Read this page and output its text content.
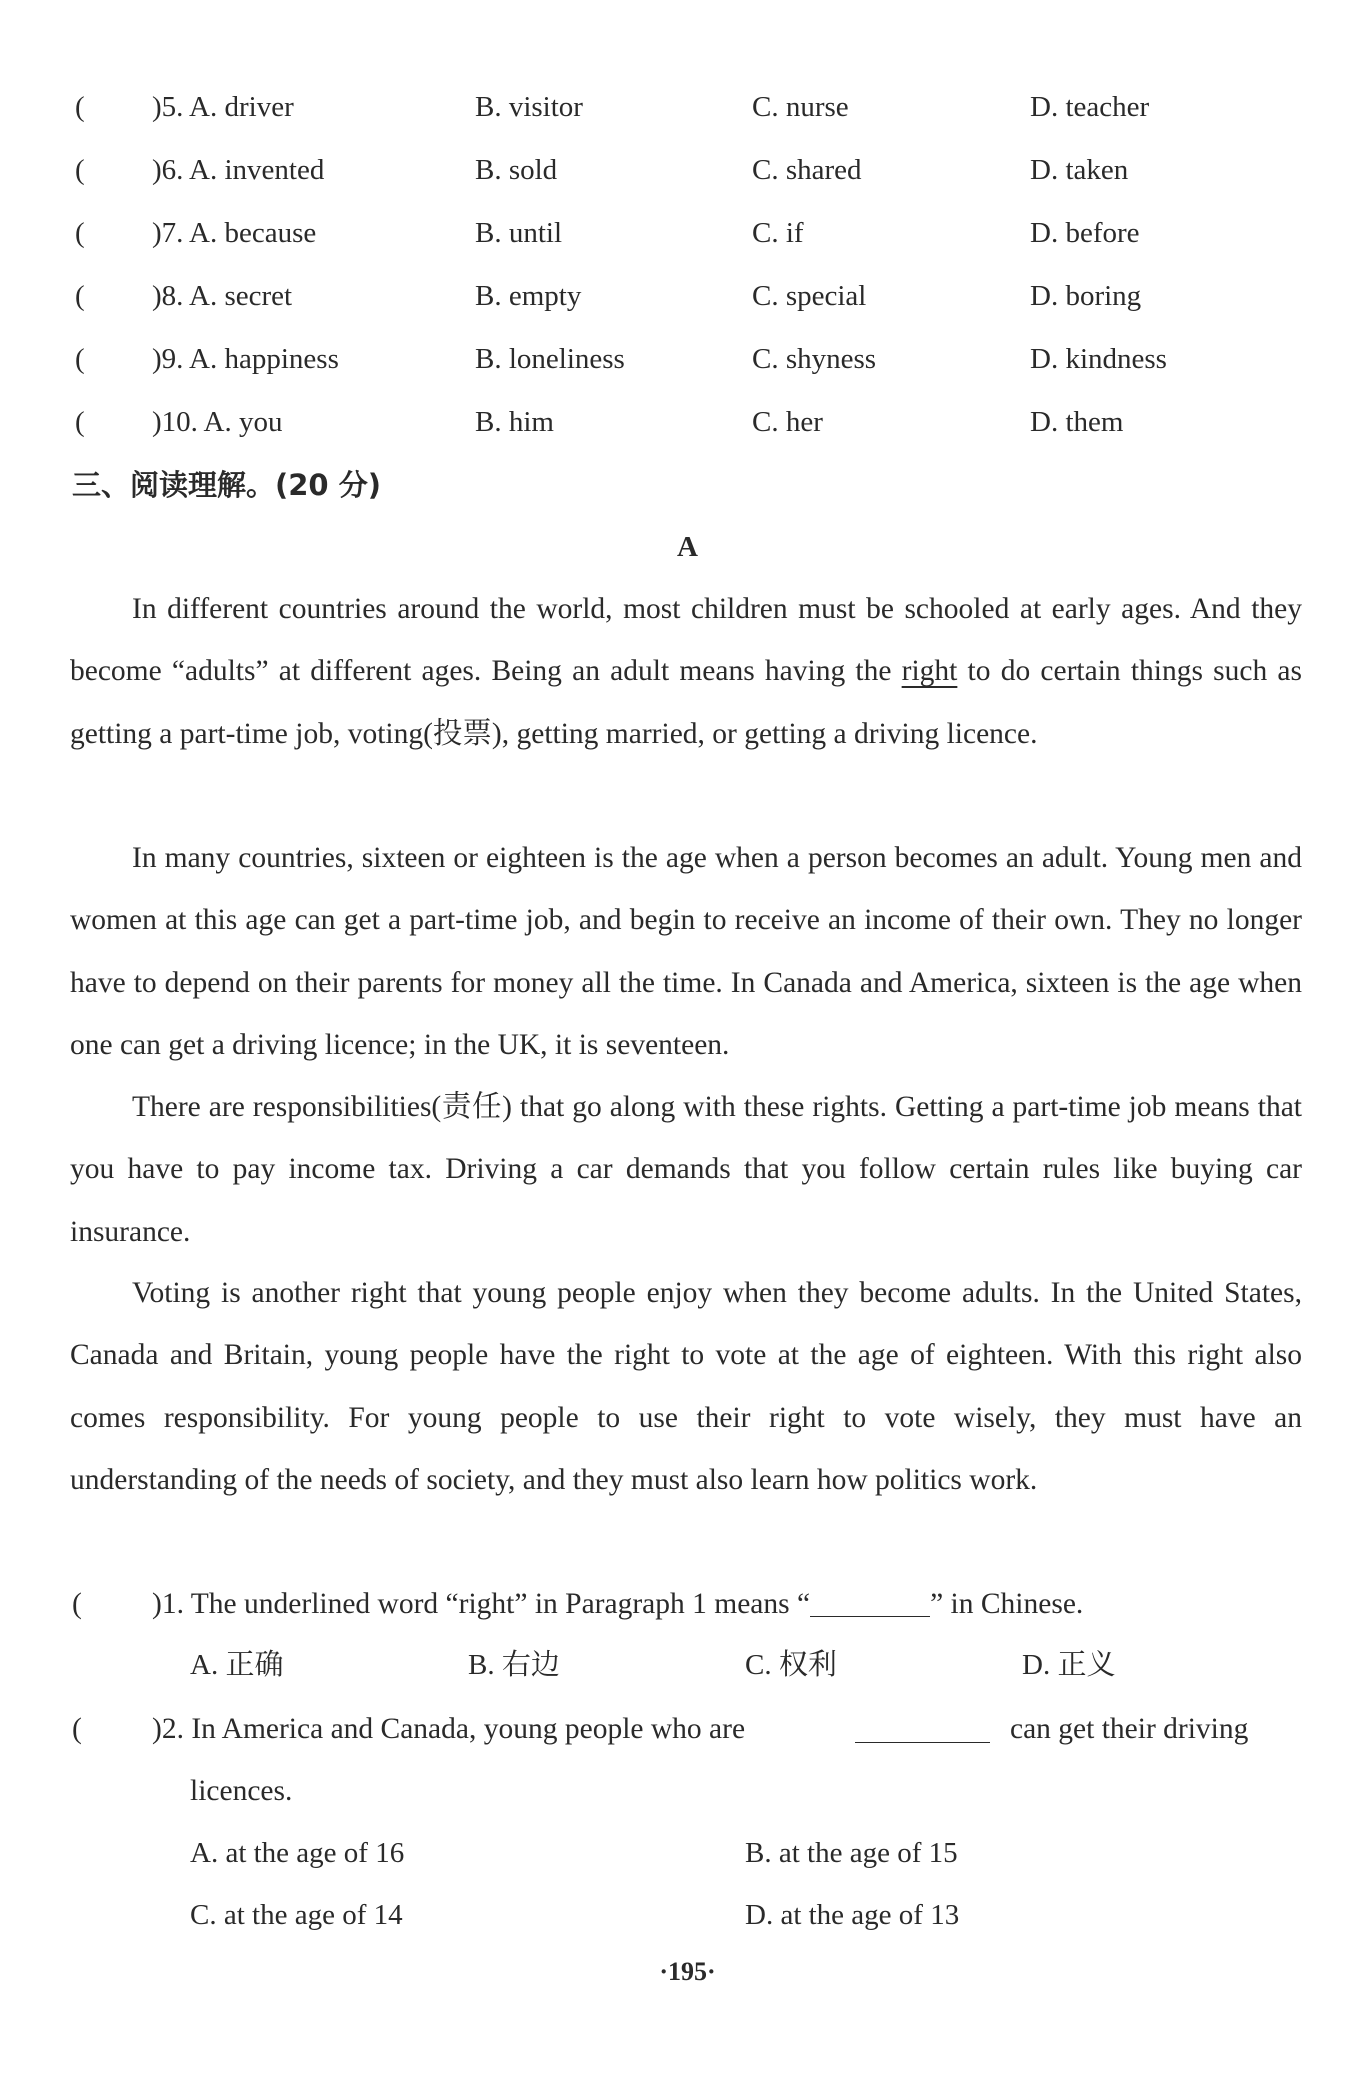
( )5. A. driver	B. visitor	C. nurse	D. teacher
( )6. A. invented	B. sold	C. shared	D. taken
( )7. A. because	B. until	C. if	D. before
( )8. A. secret	B. empty	C. special	D. boring
( )9. A. happiness	B. loneliness	C. shyness	D. kindness
( )10. A. you	B. him	C. her	D. them
三、阅读理解。(20 分)
A

In different countries around the world, most children must be schooled at early ages. And they become “adults” at different ages. Being an adult means having the right to do certain things such as getting a part-time job, voting(投票), getting married, or getting a driving licence.

In many countries, sixteen or eighteen is the age when a person becomes an adult. Young men and women at this age can get a part-time job, and begin to receive an income of their own. They no longer have to depend on their parents for money all the time. In Canada and America, sixteen is the age when one can get a driving licence; in the UK, it is seventeen.

There are responsibilities(责任) that go along with these rights. Getting a part-time job means that you have to pay income tax. Driving a car demands that you follow certain rules like buying car insurance.

Voting is another right that young people enjoy when they become adults. In the United States, Canada and Britain, young people have the right to vote at the age of eighteen. With this right also comes responsibility. For young people to use their right to vote wisely, they must have an understanding of the needs of society, and they must also learn how politics work.

( )1. The underlined word “right” in Paragraph 1 means “	” in Chinese.
A. 正确	B. 右边	C. 权利	D. 正义
( )2. In America and Canada, young people who are	can get their driving
licences.
A. at the age of 16	B. at the age of 15
C. at the age of 14	D. at the age of 13
·195·
